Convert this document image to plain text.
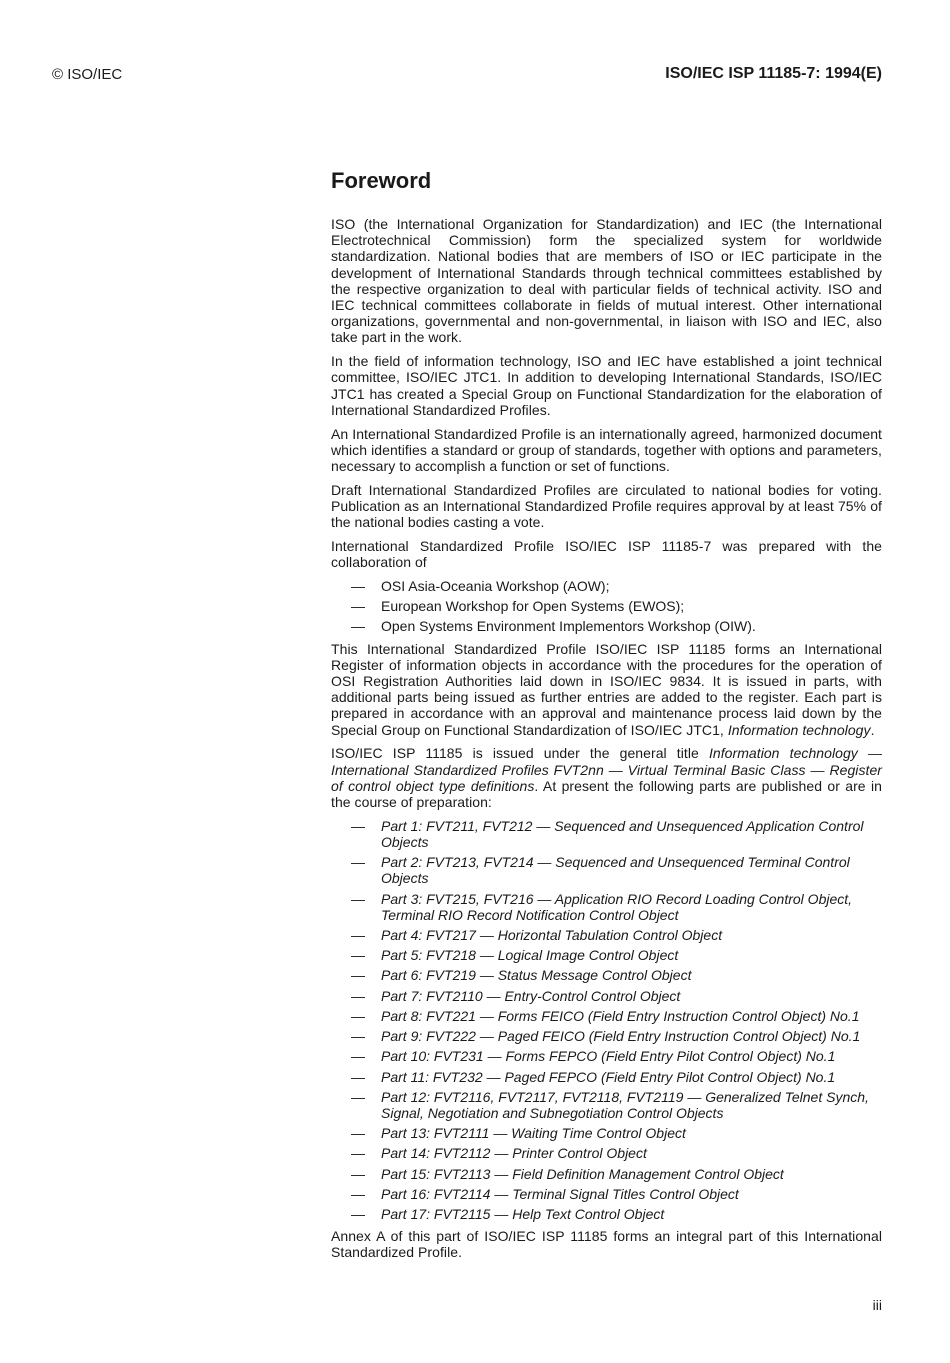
© ISO/IEC	ISO/IEC ISP 11185-7: 1994(E)
Foreword

ISO (the International Organization for Standardization) and IEC (the International Electrotechnical Commission) form the specialized system for worldwide standardization. National bodies that are members of ISO or IEC participate in the development of International Standards through technical committees established by the respective organization to deal with particular fields of technical activity. ISO and IEC technical committees collaborate in fields of mutual interest. Other international organizations, governmental and non-governmental, in liaison with ISO and IEC, also take part in the work.

In the field of information technology, ISO and IEC have established a joint technical committee, ISO/IEC JTC1. In addition to developing International Standards, ISO/IEC JTC1 has created a Special Group on Functional Standardization for the elaboration of International Standardized Profiles.

An International Standardized Profile is an internationally agreed, harmonized document which identifies a standard or group of standards, together with options and parameters, necessary to accomplish a function or set of functions.

Draft International Standardized Profiles are circulated to national bodies for voting. Publication as an International Standardized Profile requires approval by at least 75% of the national bodies casting a vote.

International Standardized Profile ISO/IEC ISP 11185-7 was prepared with the collaboration of

— OSI Asia-Oceania Workshop (AOW);
— European Workshop for Open Systems (EWOS);
— Open Systems Environment Implementors Workshop (OIW).

This International Standardized Profile ISO/IEC ISP 11185 forms an International Register of information objects in accordance with the procedures for the operation of OSI Registration Authorities laid down in ISO/IEC 9834. It is issued in parts, with additional parts being issued as further entries are added to the register. Each part is prepared in accordance with an approval and maintenance process laid down by the Special Group on Functional Standardization of ISO/IEC JTC1, Information technology.

ISO/IEC ISP 11185 is issued under the general title Information technology — International Standardized Profiles FVT2nn — Virtual Terminal Basic Class — Register of control object type definitions. At present the following parts are published or are in the course of preparation:

— Part 1: FVT211, FVT212 — Sequenced and Unsequenced Application Control Objects
— Part 2: FVT213, FVT214 — Sequenced and Unsequenced Terminal Control Objects
— Part 3: FVT215, FVT216 — Application RIO Record Loading Control Object, Terminal RIO Record Notification Control Object
— Part 4: FVT217 — Horizontal Tabulation Control Object
— Part 5: FVT218 — Logical Image Control Object
— Part 6: FVT219 — Status Message Control Object
— Part 7: FVT2110 — Entry-Control Control Object
— Part 8: FVT221 — Forms FEICO (Field Entry Instruction Control Object) No.1
— Part 9: FVT222 — Paged FEICO (Field Entry Instruction Control Object) No.1
— Part 10: FVT231 — Forms FEPCO (Field Entry Pilot Control Object) No.1
— Part 11: FVT232 — Paged FEPCO (Field Entry Pilot Control Object) No.1
— Part 12: FVT2116, FVT2117, FVT2118, FVT2119 — Generalized Telnet Synch, Signal, Negotiation and Subnegotiation Control Objects
— Part 13: FVT2111 — Waiting Time Control Object
— Part 14: FVT2112 — Printer Control Object
— Part 15: FVT2113 — Field Definition Management Control Object
— Part 16: FVT2114 — Terminal Signal Titles Control Object
— Part 17: FVT2115 — Help Text Control Object

Annex A of this part of ISO/IEC ISP 11185 forms an integral part of this International Standardized Profile.

iii
